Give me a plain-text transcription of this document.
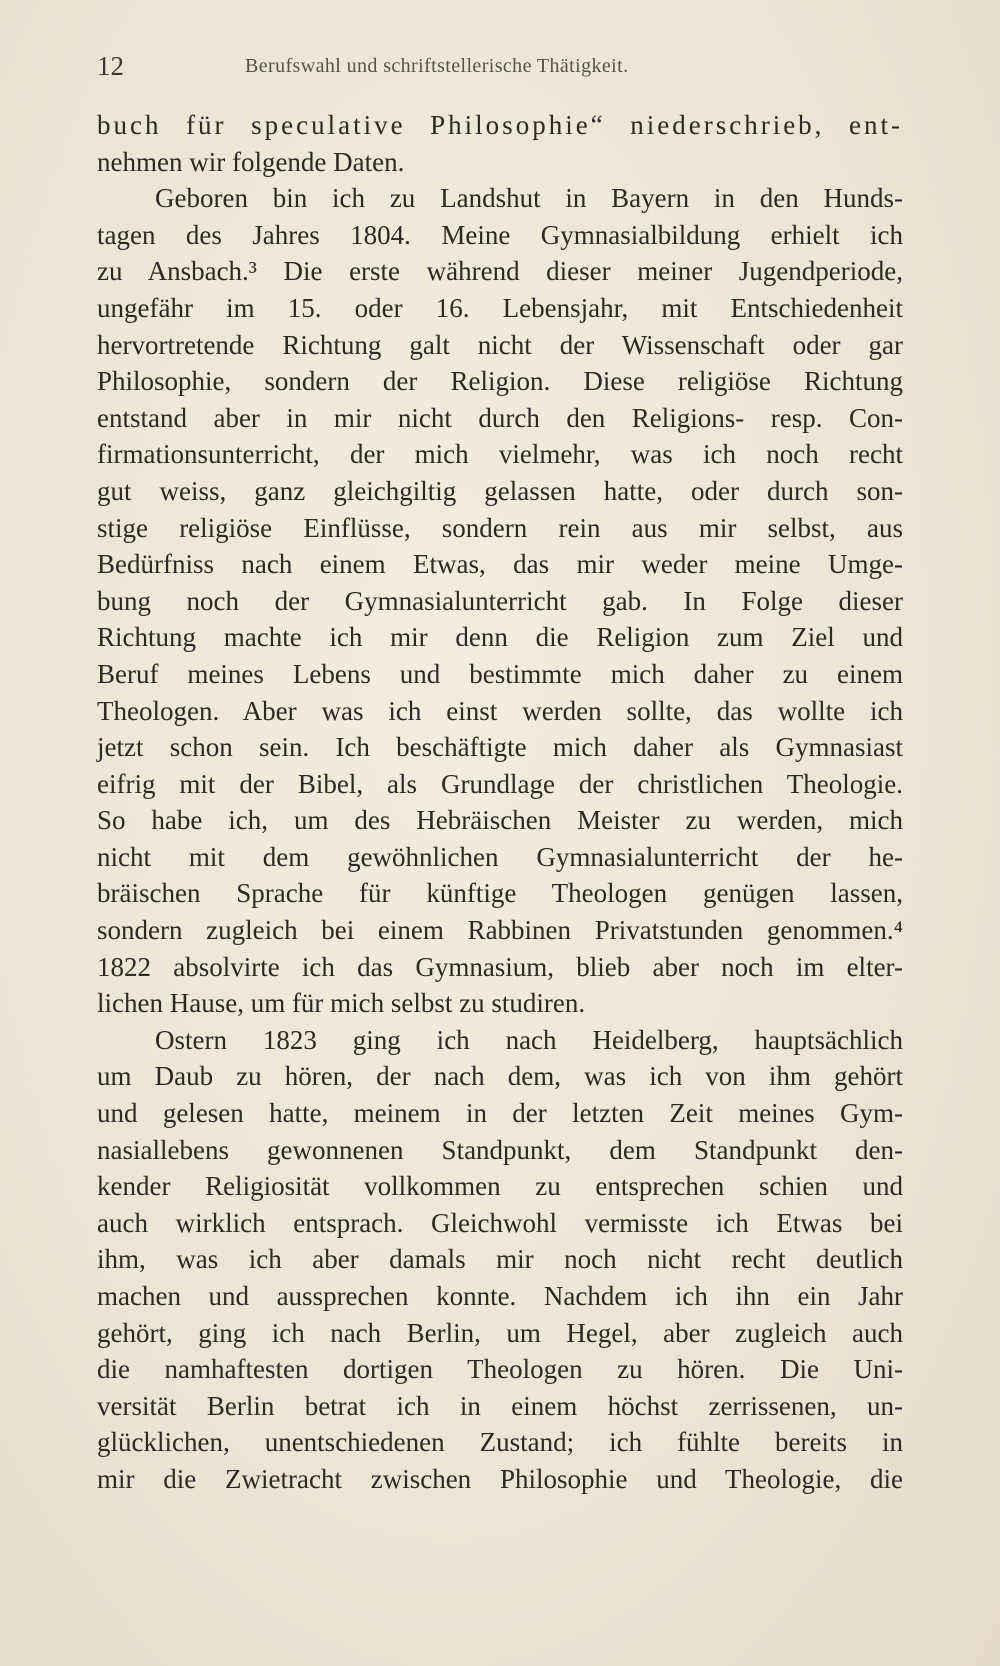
12	Berufswahl und schriftstellerische Thätigkeit.
buch für speculative Philosophie“ niederschrieb, ent-
nehmen wir folgende Daten.
Geboren bin ich zu Landshut in Bayern in den Hunds-
tagen des Jahres 1804. Meine Gymnasialbildung erhielt ich
zu Ansbach.³ Die erste während dieser meiner Jugendperiode,
ungefähr im 15. oder 16. Lebensjahr, mit Entschiedenheit
hervortretende Richtung galt nicht der Wissenschaft oder gar
Philosophie, sondern der Religion. Diese religiöse Richtung
entstand aber in mir nicht durch den Religions- resp. Con-
firmationsunterricht, der mich vielmehr, was ich noch recht
gut weiss, ganz gleichgiltig gelassen hatte, oder durch son-
stige religiöse Einflüsse, sondern rein aus mir selbst, aus
Bedürfniss nach einem Etwas, das mir weder meine Umge-
bung noch der Gymnasialunterricht gab. In Folge dieser
Richtung machte ich mir denn die Religion zum Ziel und
Beruf meines Lebens und bestimmte mich daher zu einem
Theologen. Aber was ich einst werden sollte, das wollte ich
jetzt schon sein. Ich beschäftigte mich daher als Gymnasiast
eifrig mit der Bibel, als Grundlage der christlichen Theologie.
So habe ich, um des Hebräischen Meister zu werden, mich
nicht mit dem gewöhnlichen Gymnasialunterricht der he-
bräischen Sprache für künftige Theologen genügen lassen,
sondern zugleich bei einem Rabbinen Privatstunden genommen.⁴
1822 absolvirte ich das Gymnasium, blieb aber noch im elter-
lichen Hause, um für mich selbst zu studiren.
Ostern 1823 ging ich nach Heidelberg, hauptsächlich
um Daub zu hören, der nach dem, was ich von ihm gehört
und gelesen hatte, meinem in der letzten Zeit meines Gym-
nasiallebens gewonnenen Standpunkt, dem Standpunkt den-
kender Religiosität vollkommen zu entsprechen schien und
auch wirklich entsprach. Gleichwohl vermisste ich Etwas bei
ihm, was ich aber damals mir noch nicht recht deutlich
machen und aussprechen konnte. Nachdem ich ihn ein Jahr
gehört, ging ich nach Berlin, um Hegel, aber zugleich auch
die namhaftesten dortigen Theologen zu hören. Die Uni-
versität Berlin betrat ich in einem höchst zerrissenen, un-
glücklichen, unentschiedenen Zustand; ich fühlte bereits in
mir die Zwietracht zwischen Philosophie und Theologie, die
